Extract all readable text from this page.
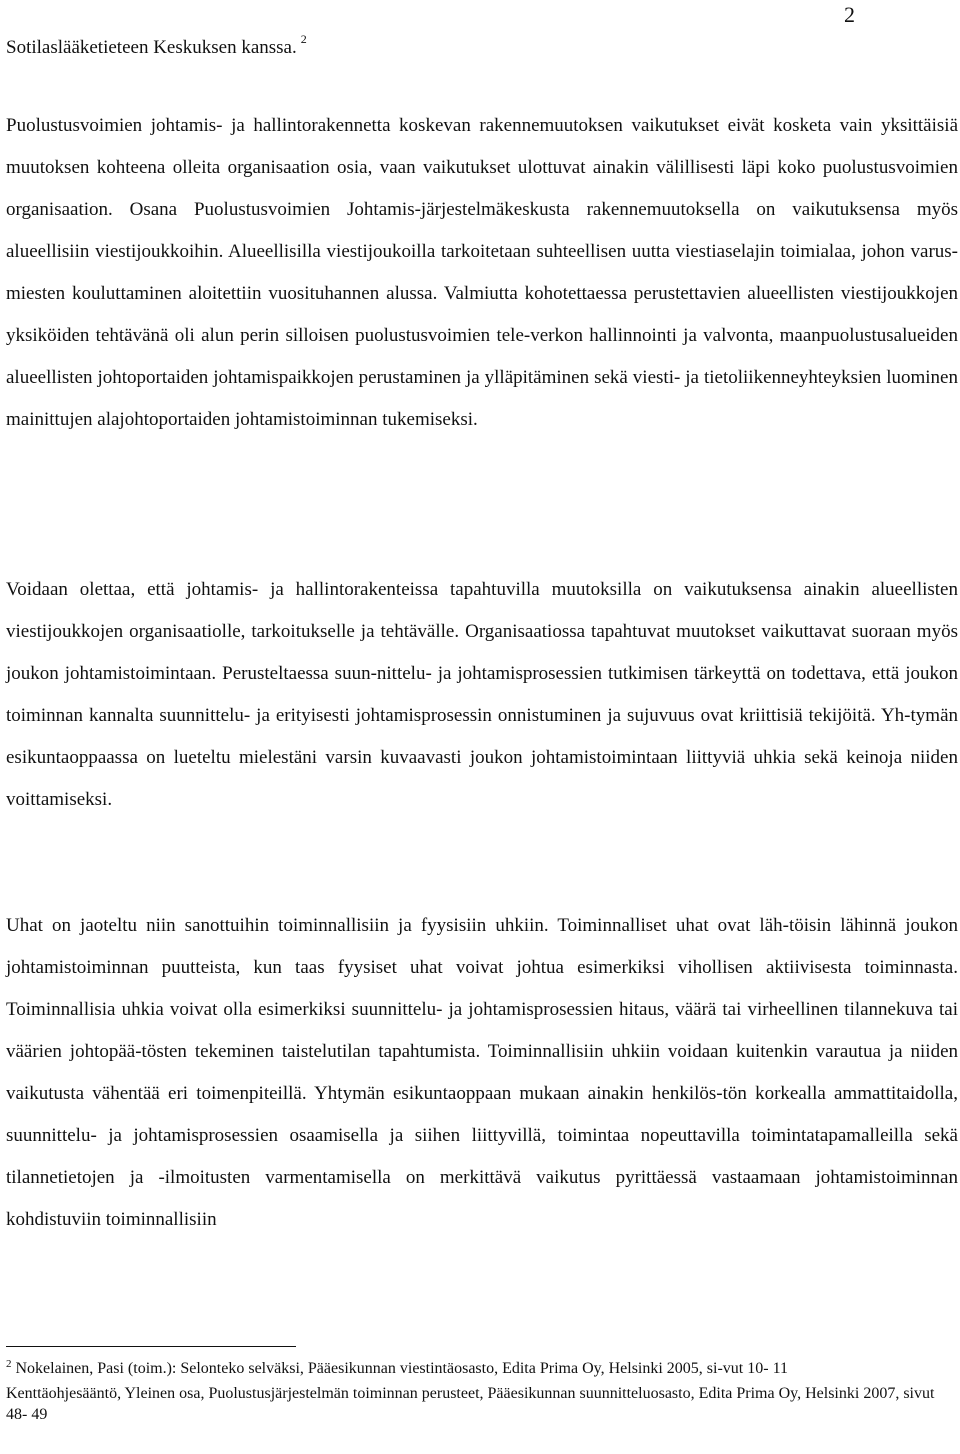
2
Sotilaslääketieteen Keskuksen kanssa. $^2$
Puolustusvoimien johtamis- ja hallintorakennetta koskevan rakennemuutoksen vaikutukset eivät kosketa vain yksittäisiä muutoksen kohteena olleita organisaation osia, vaan vaikutukset ulottuvat ainakin välillisesti läpi koko puolustusvoimien organisaation. Osana Puolustusvoimien Johtamis-järjestelmäkeskusta rakennemuutoksella on vaikutuksensa myös alueellisiin viestijoukkoihin. Alueellisilla viestijoukoilla tarkoitetaan suhteellisen uutta viestiaselajin toimialaa, johon varus-miesten kouluttaminen aloitettiin vuosituhannen alussa. Valmiutta kohotettaessa perustettavien alueellisten viestijoukkojen yksiköiden tehtävänä oli alun perin silloisen puolustusvoimien tele-verkon hallinnointi ja valvonta, maanpuolustusalueiden alueellisten johtoportaiden johtamispaikkojen perustaminen ja ylläpitäminen sekä viesti- ja tietoliikenneyhteyksien luominen mainittujen alajohtoportaiden johtamistoiminnan tukemiseksi.
Voidaan olettaa, että johtamis- ja hallintorakenteissa tapahtuvilla muutoksilla on vaikutuksensa ainakin alueellisten viestijoukkojen organisaatiolle, tarkoitukselle ja tehtävälle. Organisaatiossa tapahtuvat muutokset vaikuttavat suoraan myös joukon johtamistoimintaan. Perusteltaessa suun-nittelu- ja johtamisprosessien tutkimisen tärkeyttä on todettava, että joukon toiminnan kannalta suunnittelu- ja erityisesti johtamisprosessin onnistuminen ja sujuvuus ovat kriittisiä tekijöitä. Yh-tymän esikuntaoppaassa on lueteltu mielestäni varsin kuvaavasti joukon johtamistoimintaan liittyviä uhkia sekä keinoja niiden voittamiseksi.
Uhat on jaoteltu niin sanottuihin toiminnallisiin ja fyysisiin uhkiin. Toiminnalliset uhat ovat läh-töisin lähinnä joukon johtamistoiminnan puutteista, kun taas fyysiset uhat voivat johtua esimerkiksi vihollisen aktiivisesta toiminnasta. Toiminnallisia uhkia voivat olla esimerkiksi suunnittelu- ja johtamisprosessien hitaus, väärä tai virheellinen tilannekuva tai väärien johtopää-tösten tekeminen taistelutilan tapahtumista. Toiminnallisiin uhkiin voidaan kuitenkin varautua ja niiden vaikutusta vähentää eri toimenpiteillä. Yhtymän esikuntaoppaan mukaan ainakin henkilös-tön korkealla ammattitaidolla, suunnittelu- ja johtamisprosessien osaamisella ja siihen liittyvillä, toimintaa nopeuttavilla toimintatapamalleilla sekä tilannetietojen ja -ilmoitusten varmentamisella on merkittävä vaikutus pyrittäessä vastaamaan johtamistoiminnan kohdistuviin toiminnallisiin

$^2$ Nokelainen, Pasi (toim.): Selonteko selväksi, Pääesikunnan viestintäosasto, Edita Prima Oy, Helsinki 2005, si-vut 10- 11

Kenttäohjesääntö, Yleinen osa, Puolustusjärjestelmän toiminnan perusteet, Pääesikunnan suunnitteluosasto, Edita Prima Oy, Helsinki 2007, sivut 48- 49
